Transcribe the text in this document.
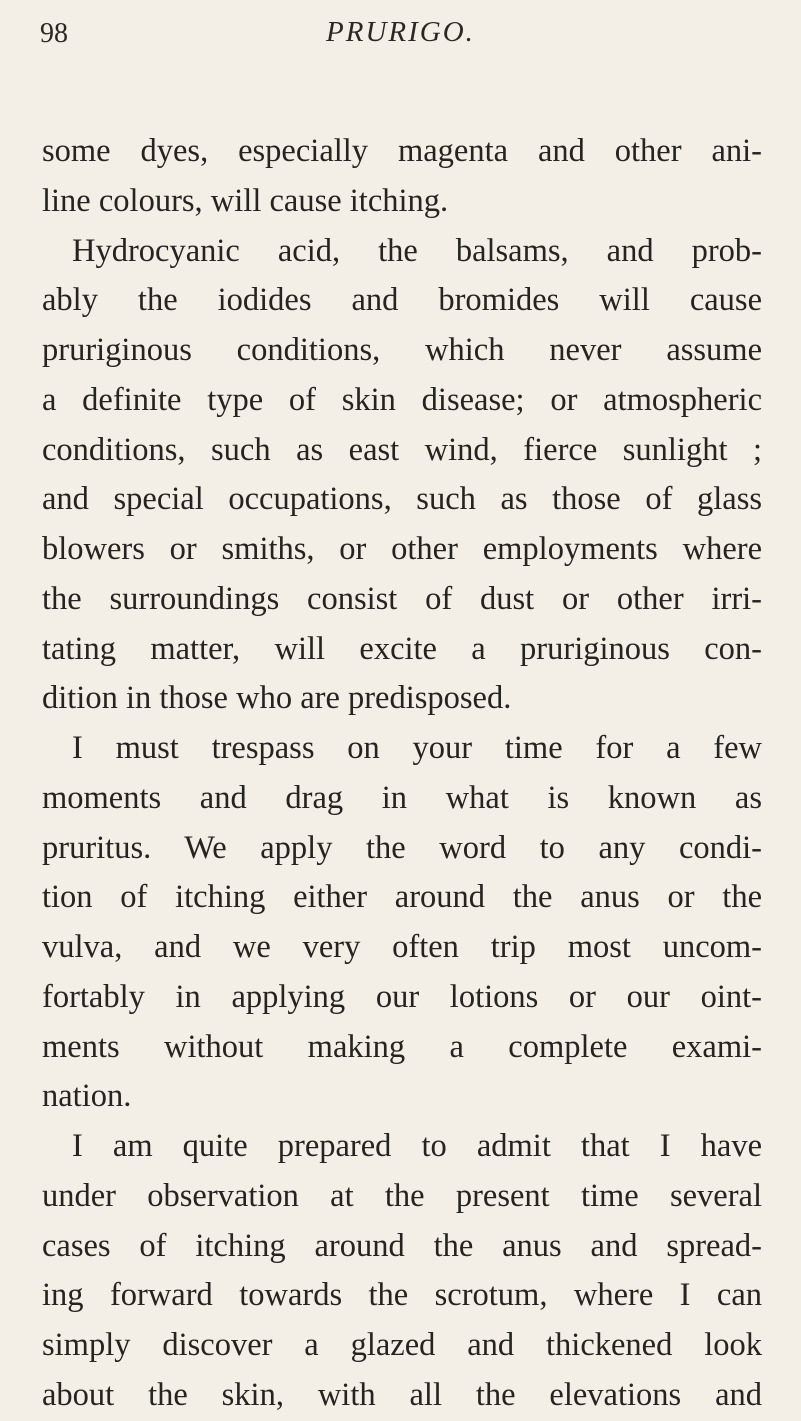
98	PRURIGO.
some dyes, especially magenta and other ani-
line colours, will cause itching.
Hydrocyanic acid, the balsams, and prob-
ably the iodides and bromides will cause
pruriginous conditions, which never assume
a definite type of skin disease; or atmospheric
conditions, such as east wind, fierce sunlight ;
and special occupations, such as those of glass
blowers or smiths, or other employments where
the surroundings consist of dust or other irri-
tating matter, will excite a pruriginous con-
dition in those who are predisposed.
I must trespass on your time for a few
moments and drag in what is known as
pruritus. We apply the word to any condi-
tion of itching either around the anus or the
vulva, and we very often trip most uncom-
fortably in applying our lotions or our oint-
ments without making a complete exami-
nation.
I am quite prepared to admit that I have
under observation at the present time several
cases of itching around the anus and spread-
ing forward towards the scrotum, where I can
simply discover a glazed and thickened look
about the skin, with all the elevations and
